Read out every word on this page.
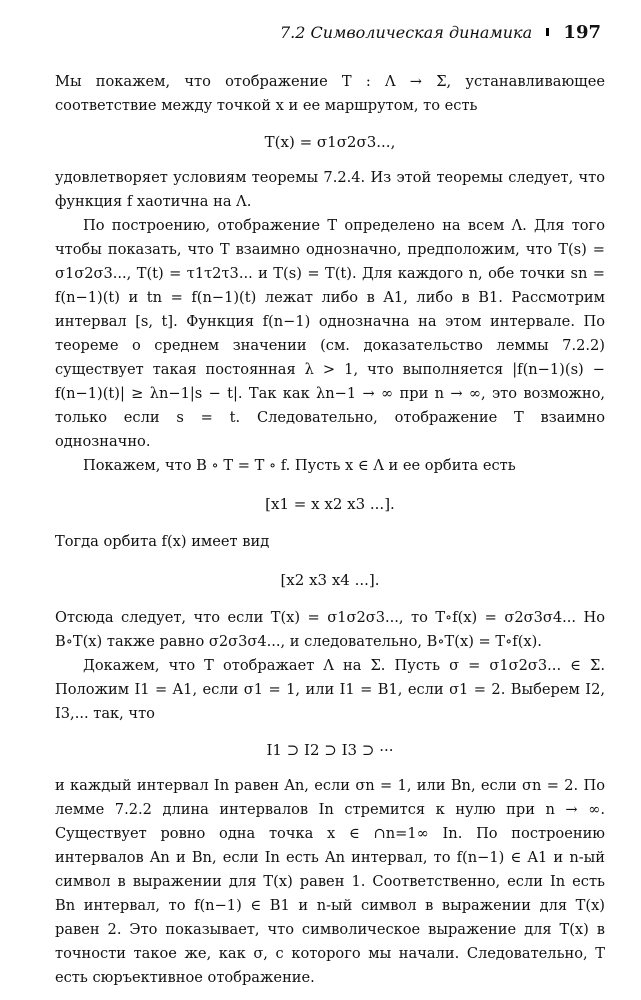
7.2 Символическая динамика 197

Мы покажем, что отображение T : Λ → Σ, устанавливающее соответствие между точкой x и ее маршрутом, то есть

T(x) = σ1σ2σ3...,

удовлетворяет условиям теоремы 7.2.4. Из этой теоремы следует, что функция f хаотична на Λ.

По построению, отображение T определено на всем Λ. Для того чтобы показать, что T взаимно однозначно, предположим, что T(s) = σ1σ2σ3..., T(t) = τ1τ2τ3... и T(s) = T(t). Для каждого n, обе точки sn = f(n−1)(t) и tn = f(n−1)(t) лежат либо в A1, либо в B1. Рассмотрим интервал [s, t]. Функция f(n−1) однозначна на этом интервале. По теореме о среднем значении (см. доказательство леммы 7.2.2) существует такая постоянная λ > 1, что выполняется |f(n−1)(s) − f(n−1)(t)| ≥ λn−1|s − t|. Так как λn−1 → ∞ при n → ∞, это возможно, только если s = t. Следовательно, отображение T взаимно однозначно.

Покажем, что B ∘ T = T ∘ f. Пусть x ∈ Λ и ее орбита есть

[x1 = x x2 x3 ...].

Тогда орбита f(x) имеет вид

[x2 x3 x4 ...].

Отсюда следует, что если T(x) = σ1σ2σ3..., то T∘f(x) = σ2σ3σ4... Но B∘T(x) также равно σ2σ3σ4..., и следовательно, B∘T(x) = T∘f(x).

Докажем, что T отображает Λ на Σ. Пусть σ = σ1σ2σ3... ∈ Σ. Положим I1 = A1, если σ1 = 1, или I1 = B1, если σ1 = 2. Выберем I2, I3,... так, что

I1 ⊃ I2 ⊃ I3 ⊃ ···

и каждый интервал In равен An, если σn = 1, или Bn, если σn = 2. По лемме 7.2.2 длина интервалов In стремится к нулю при n → ∞. Существует ровно одна точка x ∈ ∩n=1∞ In. По построению интервалов An и Bn, если In есть An интервал, то f(n−1) ∈ A1 и n-ый символ в выражении для T(x) равен 1. Соответственно, если In есть Bn интервал, то f(n−1) ∈ B1 и n-ый символ в выражении для T(x) равен 2. Это показывает, что символическое выражение для T(x) в точности такое же, как σ, с которого мы начали. Следовательно, T есть сюръективное отображение.
